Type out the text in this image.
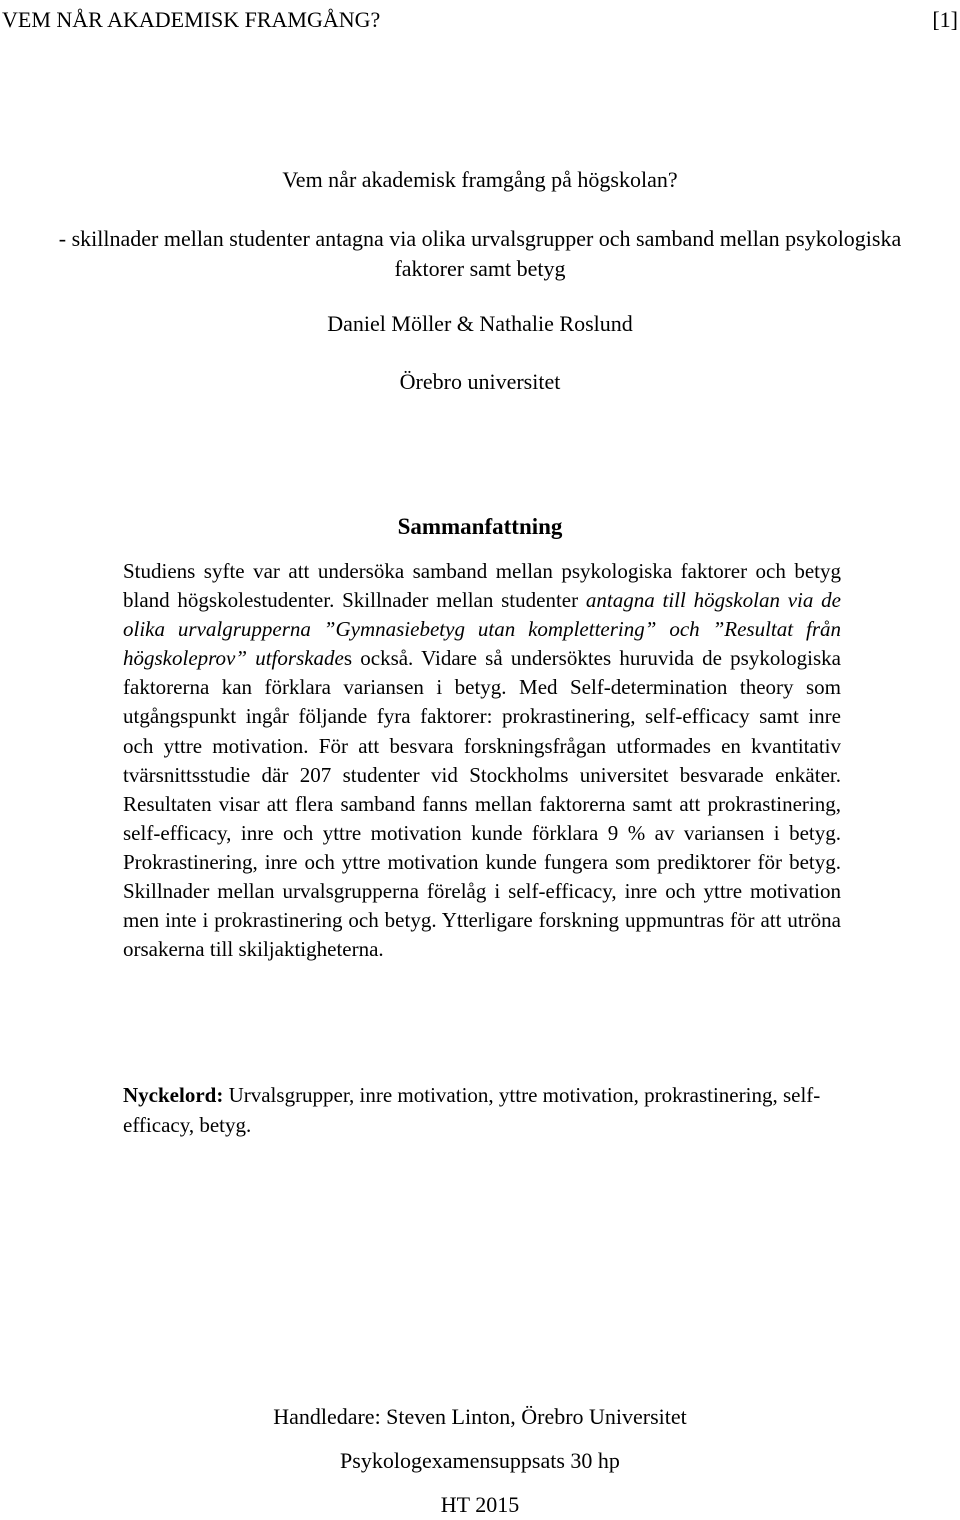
VEM NÅR AKADEMISK FRAMGÅNG?	[1]
Vem når akademisk framgång på högskolan?
- skillnader mellan studenter antagna via olika urvalsgrupper och samband mellan psykologiska faktorer samt betyg
Daniel Möller & Nathalie Roslund
Örebro universitet
Sammanfattning
Studiens syfte var att undersöka samband mellan psykologiska faktorer och betyg bland högskolestudenter. Skillnader mellan studenter antagna till högskolan via de olika urvalgrupperna ”Gymnasiebetyg utan komplettering” och ”Resultat från högskoleprov” utforskades också. Vidare så undersöktes huruvida de psykologiska faktorerna kan förklara variansen i betyg. Med Self-determination theory som utgångspunkt ingår följande fyra faktorer: prokrastinering, self-efficacy samt inre och yttre motivation. För att besvara forskningsfrågan utformades en kvantitativ tvärsnittsstudie där 207 studenter vid Stockholms universitet besvarade enkäter. Resultaten visar att flera samband fanns mellan faktorerna samt att prokrastinering, self-efficacy, inre och yttre motivation kunde förklara 9 % av variansen i betyg. Prokrastinering, inre och yttre motivation kunde fungera som prediktorer för betyg. Skillnader mellan urvalsgrupperna förelåg i self-efficacy, inre och yttre motivation men inte i prokrastinering och betyg. Ytterligare forskning uppmuntras för att utröna orsakerna till skiljaktigheterna.
Nyckelord: Urvalsgrupper, inre motivation, yttre motivation, prokrastinering, self-efficacy, betyg.
Handledare: Steven Linton, Örebro Universitet
Psykologexamensuppsats 30 hp
HT 2015
